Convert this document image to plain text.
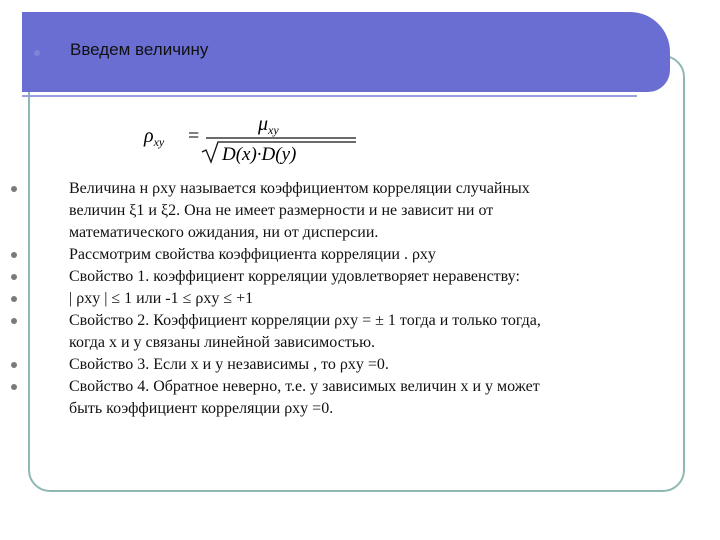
Введем величину
$\rho_{xy}$ =
$\mu_{xy}$
D(x)·D(y)
Величина н ρxy называется коэффициентом корреляции случайных
величин ξ1 и ξ2. Она не имеет размерности и не зависит ни от
математического ожидания, ни от дисперсии.
Рассмотрим свойства коэффициента корреляции . ρxy
Свойство 1. коэффициент корреляции удовлетворяет неравенству:
| ρxy | ≤ 1 или -1 ≤ ρxy ≤ +1
Свойство 2. Коэффициент корреляции ρxy = ± 1 тогда и только тогда,
когда x и y связаны линейной зависимостью.
Свойство 3. Если x и y независимы , то ρxy =0.
Свойство 4. Обратное неверно, т.е. у зависимых величин x и y может
быть коэффициент корреляции ρxy =0.
